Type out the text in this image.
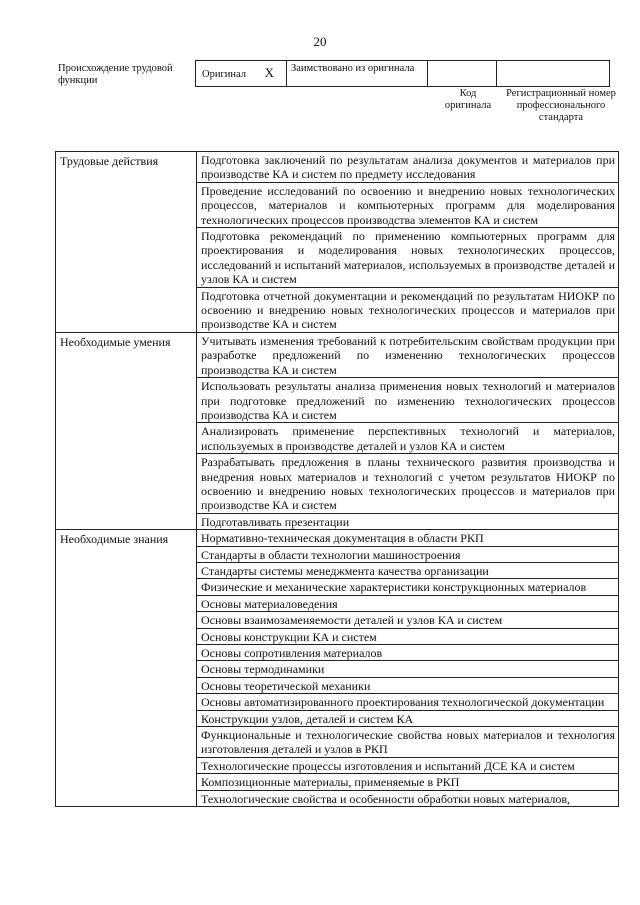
20
Происхождение трудовой функции
Оригинал X	Заимствовано из оригинала		
Код оригинала
Регистрационный номер профессионального стандарта
Трудовые действия	Подготовка заключений по результатам анализа документов и материалов при производстве КА и систем по предмету исследования
	Проведение исследований по освоению и внедрению новых технологических процессов, материалов и компьютерных программ для моделирования технологических процессов производства элементов КА и систем
	Подготовка рекомендаций по применению компьютерных программ для проектирования и моделирования новых технологических процессов, исследований и испытаний материалов, используемых в производстве деталей и узлов КА и систем
	Подготовка отчетной документации и рекомендаций по результатам НИОКР по освоению и внедрению новых технологических процессов и материалов при производстве КА и систем
Необходимые умения	Учитывать изменения требований к потребительским свойствам продукции при разработке предложений по изменению технологических процессов производства КА и систем
	Использовать результаты анализа применения новых технологий и материалов при подготовке предложений по изменению технологических процессов производства КА и систем
	Анализировать применение перспективных технологий и материалов, используемых в производстве деталей и узлов КА и систем
	Разрабатывать предложения в планы технического развития производства и внедрения новых материалов и технологий с учетом результатов НИОКР по освоению и внедрению новых технологических процессов и материалов при производстве КА и систем
	Подготавливать презентации
Необходимые знания	Нормативно-техническая документация в области РКП
	Стандарты в области технологии машиностроения
	Стандарты системы менеджмента качества организации
	Физические и механические характеристики конструкционных материалов
	Основы материаловедения
	Основы взаимозаменяемости деталей и узлов КА и систем
	Основы конструкции КА и систем
	Основы сопротивления материалов
	Основы термодинамики
	Основы теоретической механики
	Основы автоматизированного проектирования технологической документации
	Конструкции узлов, деталей и систем КА
	Функциональные и технологические свойства новых материалов и технология изготовления деталей и узлов в РКП
	Технологические процессы изготовления и испытаний ДСЕ КА и систем
	Композиционные материалы, применяемые в РКП
	Технологические свойства и особенности обработки новых материалов,
